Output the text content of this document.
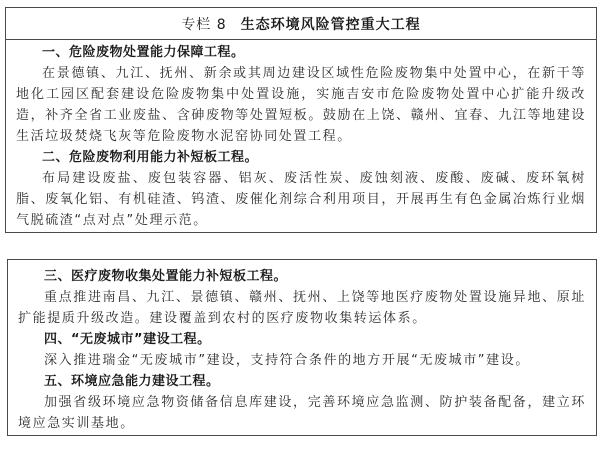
专栏 8 生态环境风险管控重大工程
一、危险废物处置能力保障工程。
在景德镇、九江、抚州、新余或其周边建设区域性危险废物集中处置中心，在新干等地化工园区配套建设危险废物集中处置设施，实施吉安市危险废物处置中心扩能升级改造，补齐全省工业废盐、含砷废物等处置短板。鼓励在上饶、赣州、宜春、九江等地建设生活垃圾焚烧飞灰等危险废物水泥窑协同处置工程。
二、危险废物利用能力补短板工程。
布局建设废盐、废包装容器、铝灰、废活性炭、废蚀刻液、废酸、废碱、废环氧树脂、废氧化铝、有机硅渣、钨渣、废催化剂综合利用项目，开展再生有色金属冶炼行业烟气脱硫渣“点对点”处理示范。
三、医疗废物收集处置能力补短板工程。
重点推进南昌、九江、景德镇、赣州、抚州、上饶等地医疗废物处置设施异地、原址扩能提质升级改造。建设覆盖到农村的医疗废物收集转运体系。
四、“无废城市”建设工程。
深入推进瑞金“无废城市”建设，支持符合条件的地方开展“无废城市”建设。
五、环境应急能力建设工程。
加强省级环境应急物资储备信息库建设，完善环境应急监测、防护装备配备，建立环境应急实训基地。
